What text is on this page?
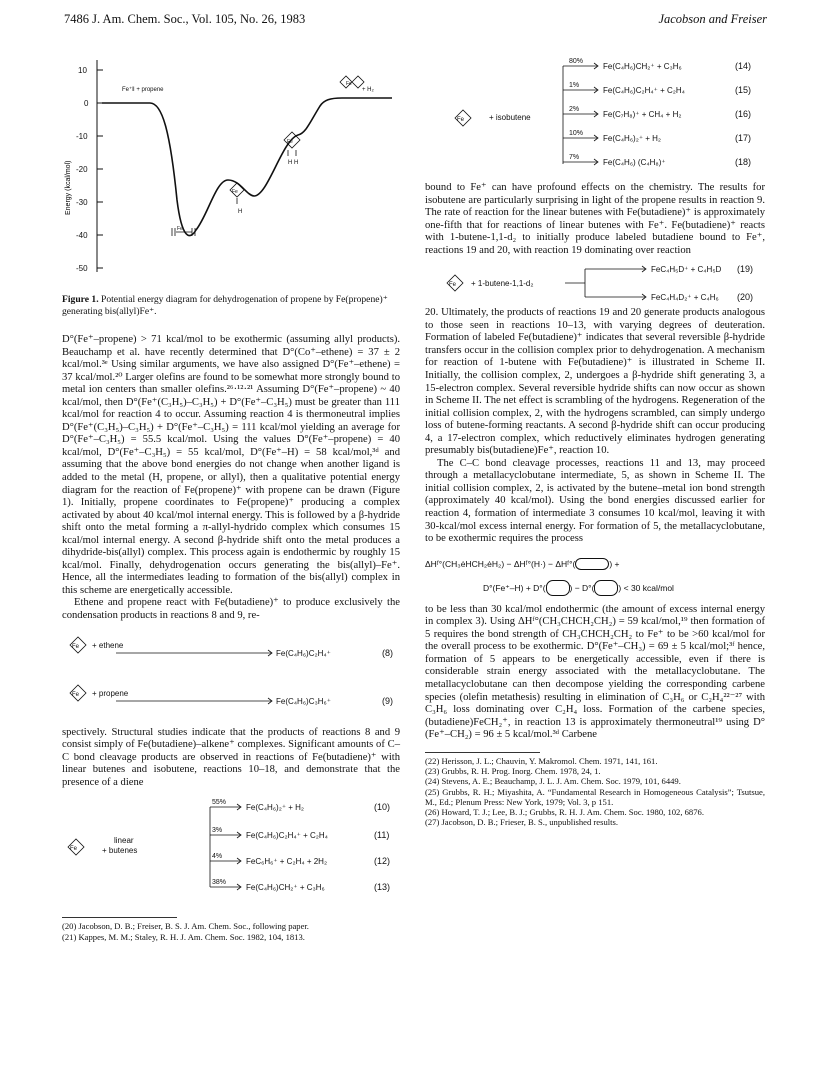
7486 J. Am. Chem. Soc., Vol. 105, No. 26, 1983	Jacobson and Freiser
10
0
-10
-20
-30
-40
-50
Energy (kcal/mol)
Fe⁺‖ + propene	+ H₂
H H
H
Fe
Fe
Fe
Fe
Figure 1. Potential energy diagram for dehydrogenation of propene by Fe(propene)⁺ generating bis(allyl)Fe⁺.

D°(Fe⁺–propene) > 71 kcal/mol to be exothermic (assuming allyl products). Beauchamp et al. have recently determined that D°(Co⁺–ethene) = 37 ± 2 kcal/mol.³ᵉ Using similar arguments, we have also assigned D°(Fe⁺–ethene) = 37 kcal/mol.²⁰ Larger olefins are found to be somewhat more strongly bound to metal ion centers than smaller olefins.²⁶·¹²·²¹ Assuming D°(Fe⁺–propene) ~ 40 kcal/mol, then D°(Fe⁺(C₃H₅)–C₃H₅) + D°(Fe⁺–C₃H₅) must be greater than 111 kcal/mol for reaction 4 to occur. Assuming reaction 4 is thermoneutral implies D°(Fe⁺(C₃H₅)–C₃H₅) + D°(Fe⁺–C₃H₅) = 111 kcal/mol yielding an average for D°(Fe⁺–C₃H₅) = 55.5 kcal/mol. Using the values D°(Fe⁺–propene) = 40 kcal/mol, D°(Fe⁺–C₃H₅) = 55 kcal/mol, D°(Fe⁺–H) = 58 kcal/mol,³ᵈ and assuming that the above bond energies do not change when another ligand is added to the metal (H, propene, or allyl), then a qualitative potential energy diagram for the reaction of Fe(propene)⁺ with propene can be drawn (Figure 1). Initially, propene coordinates to Fe(propene)⁺ producing a complex activated by about 40 kcal/mol internal energy. This is followed by a β-hydride shift onto the metal forming a π-allyl-hydrido complex which consumes 15 kcal/mol internal energy. A second β-hydride shift onto the metal produces a dihydride-bis(allyl) complex. This process again is endothermic by roughly 15 kcal/mol. Finally, dehydrogenation occurs generating the bis(allyl)–Fe⁺. Hence, all the intermediates leading to formation of the bis(allyl) complex in this scheme are energetically accessible.

Ethene and propene react with Fe(butadiene)⁺ to produce exclusively the condensation products in reactions 8 and 9, re-

Fe + ethene
Fe(C₄H₆)C₂H₄⁺	(8)
Fe + propene
Fe(C₄H₆)C₃H₆⁺	(9)

spectively. Structural studies indicate that the products of reactions 8 and 9 consist simply of Fe(butadiene)–alkene⁺ complexes. Significant amounts of C–C bond cleavage products are observed in reactions of Fe(butadiene)⁺ with linear butenes and isobutene, reactions 10–18, and demonstrate that the presence of a diene

Fe
linear
+ butenes
55%
3%
4%
38%
Fe(C₄H₆)₂⁺ + H₂
Fe(C₄H₆)C₂H₄⁺ + C₂H₄
FeC₆H₆⁺ + C₂H₄ + 2H₂
Fe(C₄H₆)CH₂⁺ + C₃H₆
(10)
(11)
(12)
(13)

(20) Jacobson, D. B.; Freiser, B. S. J. Am. Chem. Soc., following paper.

(21) Kappes, M. M.; Staley, R. H. J. Am. Chem. Soc. 1982, 104, 1813.

Fe	+ isobutene
80%
1%
2%
10%
7%
Fe(C₄H₆)CH₂⁺ + C₃H₆
Fe(C₄H₆)C₂H₄⁺ + C₂H₄
Fe(C₇H₈)⁺ + CH₄ + H₂
Fe(C₄H₆)₂⁺ + H₂
Fe(C₄H₆) (C₄H₈)⁺
(14)
(15)
(16)
(17)
(18)

bound to Fe⁺ can have profound effects on the chemistry. The results for isobutene are particularly surprising in light of the propene results in reaction 9. The rate of reaction for the linear butenes with Fe(butadiene)⁺ is approximately one-fifth that for reactions of linear butenes with Fe⁺. Fe(butadiene)⁺ reacts with 1-butene-1,1-d₂ to initially produce labeled butadiene bound to Fe⁺, reactions 19 and 20, with reaction 19 dominating over reaction

Fe + 1-butene-1,1-d₂
FeC₄H₅D⁺ + C₄H₅D
FeC₄H₄D₂⁺ + C₄H₆
(19)
(20)

20. Ultimately, the products of reactions 19 and 20 generate products analogous to those seen in reactions 10–13, with varying degrees of deuteration. Formation of labeled Fe(butadiene)⁺ indicates that several reversible β-hydride transfers occur in the collision complex prior to dehydrogenation. A mechanism for reaction of 1-butene with Fe(butadiene)⁺ is illustrated in Scheme II. Initially, the collision complex, 2, undergoes a β-hydride shift generating 3, a 15-electron complex. Several reversible hydride shifts can now occur as shown in Scheme II. The net effect is scrambling of the hydrogens. Regeneration of the initial collision complex, 2, with the hydrogens scrambled, can simply undergo loss of butene-forming reactants. A second β-hydride shift can occur producing 4, a 17-electron complex, which reductively eliminates hydrogen generating presumably bis(butadiene)Fe⁺, reaction 10.

The C–C bond cleavage processes, reactions 11 and 13, may proceed through a metallacyclobutane intermediate, 5, as shown in Scheme II. The initial collision complex, 2, is activated by the butene–metal ion bond strength (approximately 40 kcal/mol). Using the bond energies discussed earlier for reaction 4, formation of intermediate 3 consumes 10 kcal/mol, leaving it with 30-kcal/mol excess internal energy. For formation of 5, the metallacyclobutane, to be exothermic requires the process

ΔHᶠ°(CH₃ėHCH₂ėH₂) − ΔHᶠ°(H·) − ΔHᶠ°(	) +
D°(Fe⁺–H) + D°(	) − D°(	) < 30 kcal/mol

to be less than 30 kcal/mol endothermic (the amount of excess internal energy in complex 3). Using ΔHᶠ°(CH₃CHCH₂CH₂) = 59 kcal/mol,¹⁹ then formation of 5 requires the bond strength of CH₃CHCH₂CH₂ to Fe⁺ to be >60 kcal/mol for the overall process to be exothermic. D°(Fe⁺–CH₃) = 69 ± 5 kcal/mol;³ᶠ hence, formation of 5 appears to be energetically accessible, even if there is considerable strain energy associated with the metallacyclobutane. The metallacyclobutane can then decompose yielding the corresponding carbene species (olefin metathesis) resulting in elimination of C₃H₆ or C₂H₄²²⁻²⁷ with C₃H₆ loss dominating over C₂H₄ loss. Formation of the carbene species, (butadiene)FeCH₂⁺, in reaction 13 is approximately thermoneutral¹⁹ using D°(Fe⁺–CH₂) = 96 ± 5 kcal/mol.³ᵈ Carbene

(22) Herisson, J. L.; Chauvin, Y. Makromol. Chem. 1971, 141, 161.

(23) Grubbs, R. H. Prog. Inorg. Chem. 1978, 24, 1.

(24) Stevens, A. E.; Beauchamp, J. L. J. Am. Chem. Soc. 1979, 101, 6449.

(25) Grubbs, R. H.; Miyashita, A. “Fundamental Research in Homogeneous Catalysis”; Tsutsue, M., Ed.; Plenum Press: New York, 1979; Vol. 3, p 151.

(26) Howard, T. J.; Lee, B. J.; Grubbs, R. H. J. Am. Chem. Soc. 1980, 102, 6876.

(27) Jacobson, D. B.; Frieser, B. S., unpublished results.
